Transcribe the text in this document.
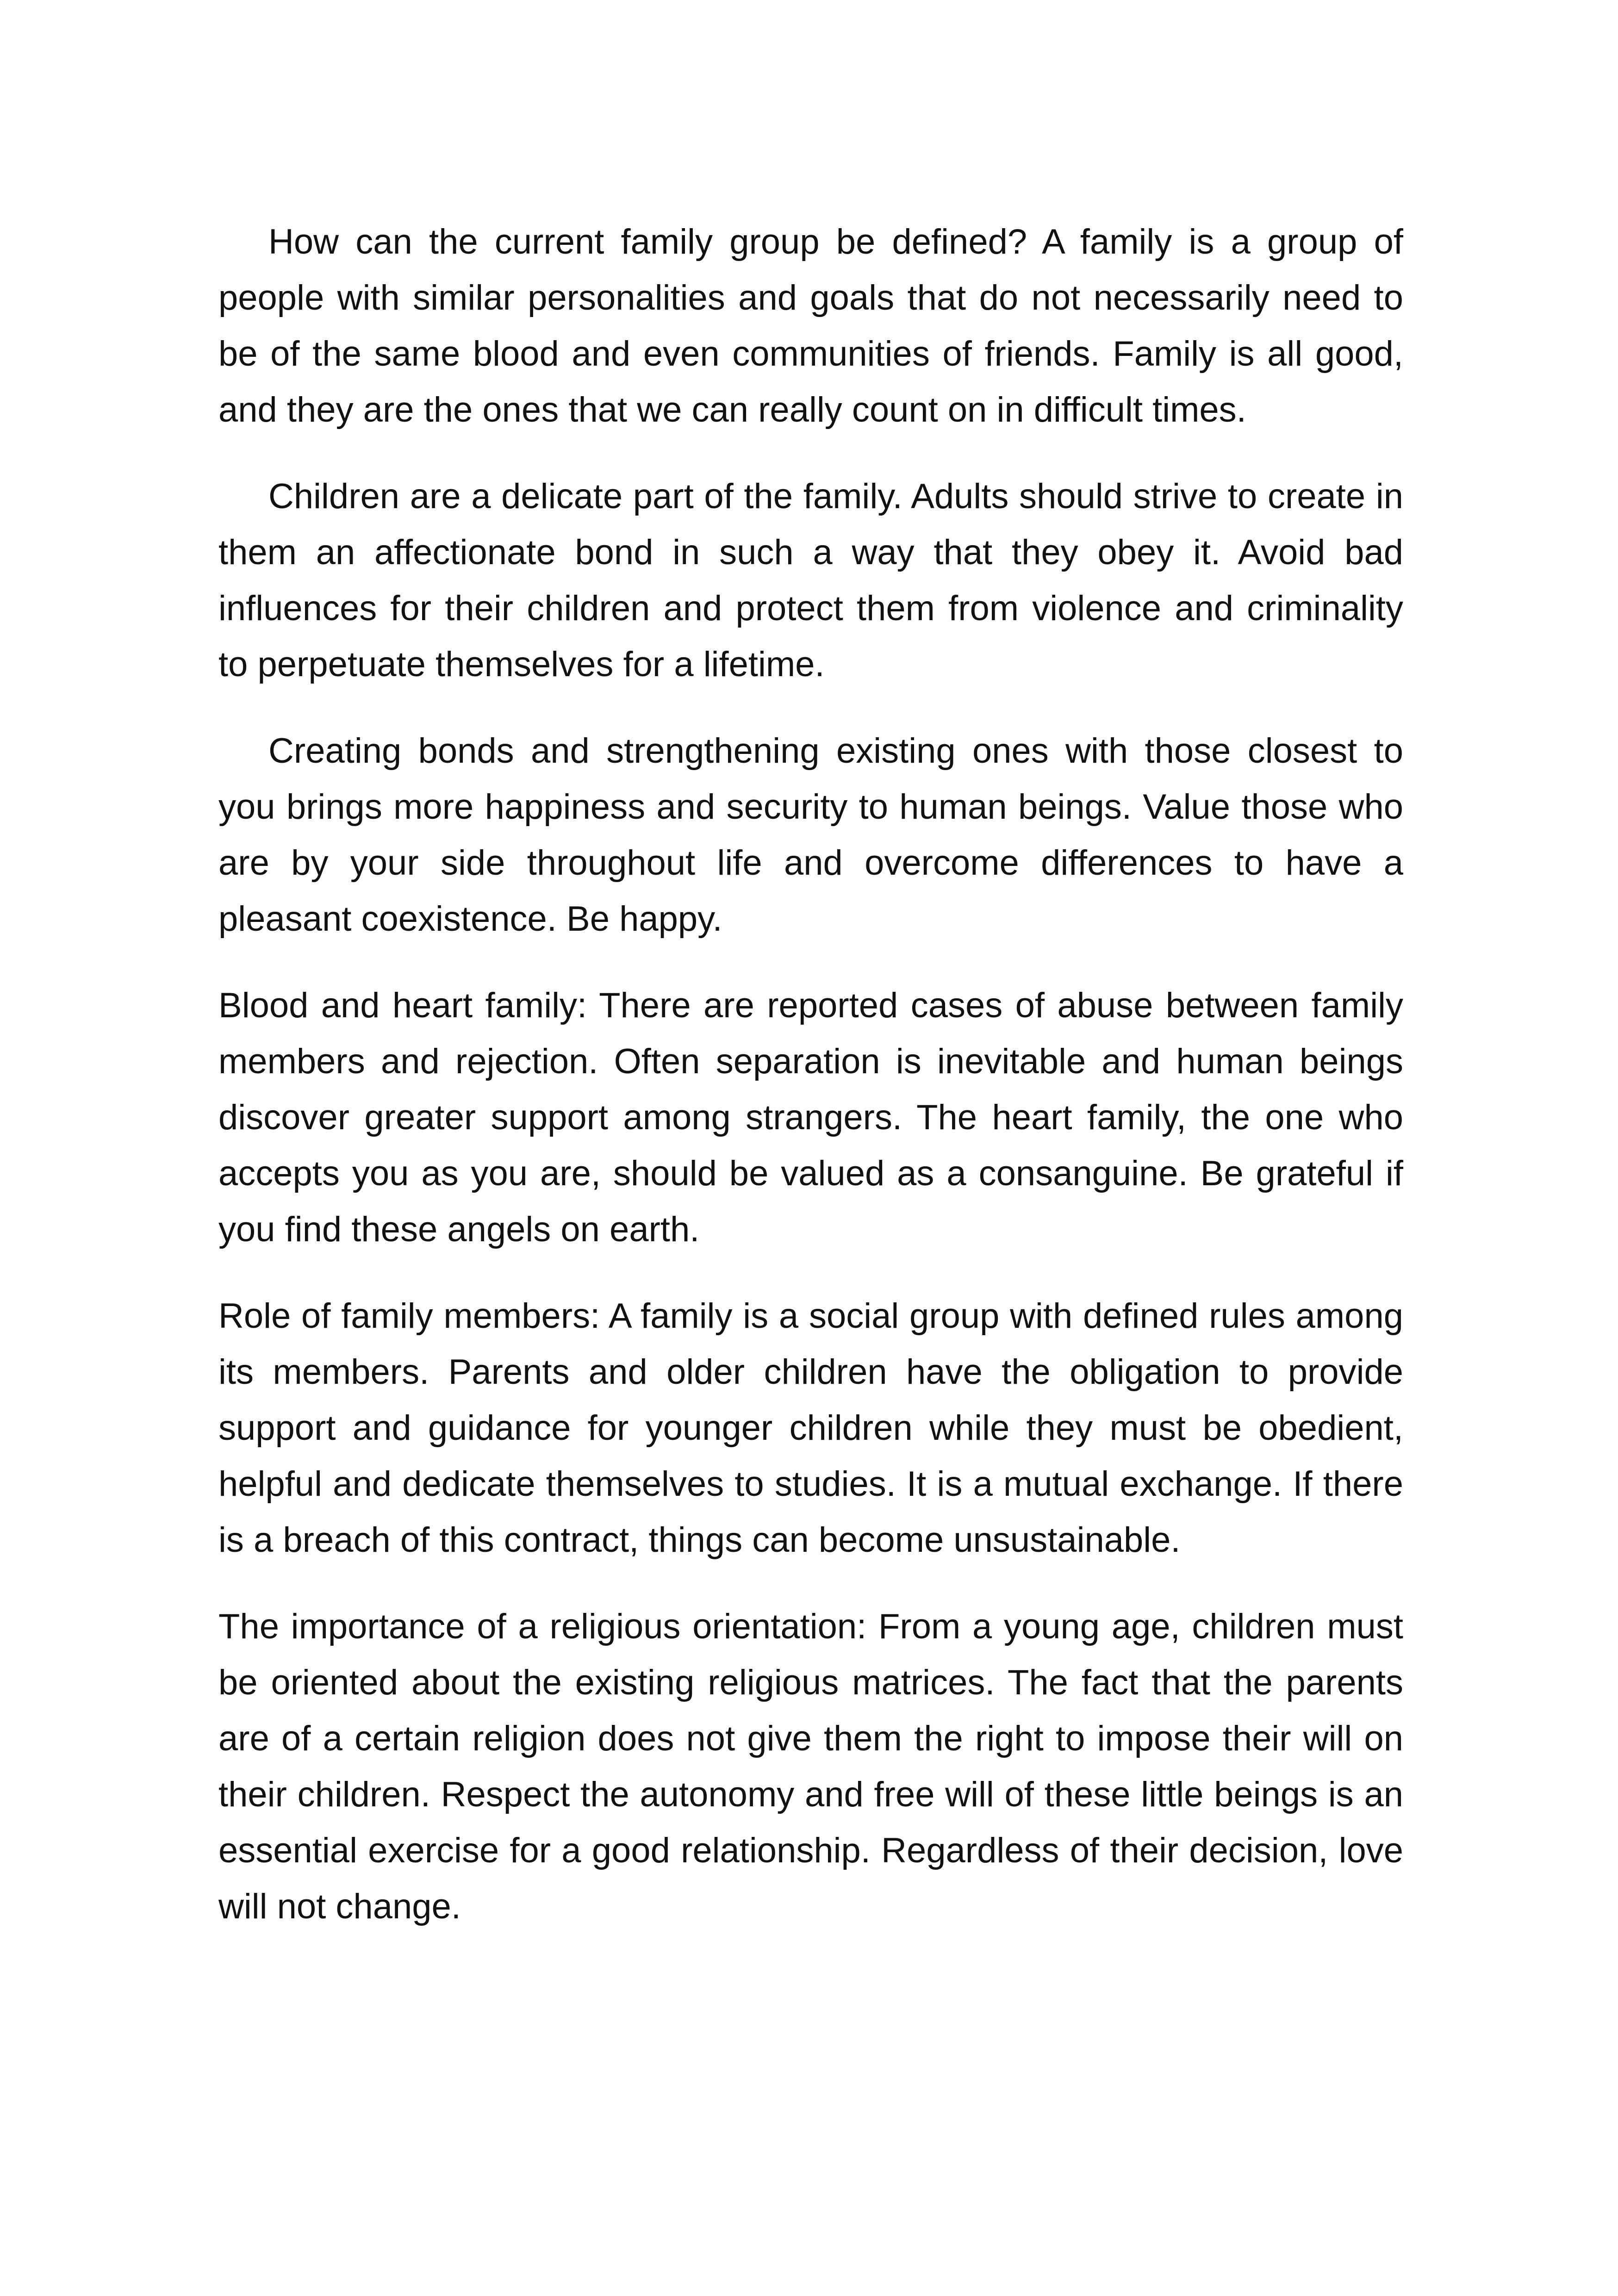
How can the current family group be defined? A family is a group of people with similar personalities and goals that do not necessarily need to be of the same blood and even communities of friends. Family is all good, and they are the ones that we can really count on in difficult times.

Children are a delicate part of the family. Adults should strive to create in them an affectionate bond in such a way that they obey it. Avoid bad influences for their children and protect them from violence and criminality to perpetuate themselves for a lifetime.

Creating bonds and strengthening existing ones with those closest to you brings more happiness and security to human beings. Value those who are by your side throughout life and overcome differences to have a pleasant coexistence. Be happy.

Blood and heart family: There are reported cases of abuse between family members and rejection. Often separation is inevitable and human beings discover greater support among strangers. The heart family, the one who accepts you as you are, should be valued as a consanguine. Be grateful if you find these angels on earth.

Role of family members: A family is a social group with defined rules among its members. Parents and older children have the obligation to provide support and guidance for younger children while they must be obedient, helpful and dedicate themselves to studies. It is a mutual exchange. If there is a breach of this contract, things can become unsustainable.

The importance of a religious orientation: From a young age, children must be oriented about the existing religious matrices. The fact that the parents are of a certain religion does not give them the right to impose their will on their children. Respect the autonomy and free will of these little beings is an essential exercise for a good relationship. Regardless of their decision, love will not change.
